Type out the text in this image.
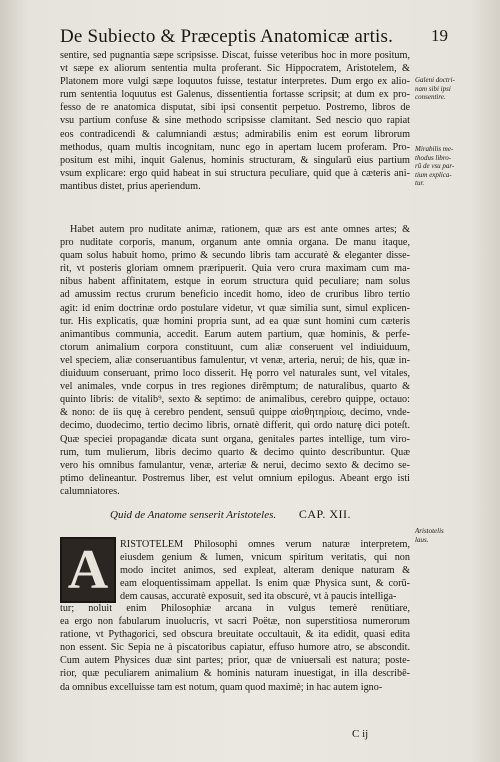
De Subiecto & Præceptis Anatomicæ artis. 19
sentire, sed pugnantia sæpe scripsisse. Discat, fuisse veteribus hoc in more positum,
vt sæpe ex aliorum sententia multa proferant. Sic Hippocratem, Aristotelem, &
Platonem more vulgi sæpe loquutos fuisse, testatur interpretes. Dum ergo ex alio-
rum sententia loquutus est Galenus, dissentientia fortasse scripsit; at dum ex pro-
fesso de re anatomica disputat, sibi ipsi consentit perpetuo. Postremo, libros de
vsu partium confuse & sine methodo scripsisse clamitant. Sed nescio quo rapiat
eos contradicendi & calumniandi æstus; admirabilis enim est eorum librorum
methodus, quam multis incognitam, nunc ego in apertam lucem proferam. Pro-
positum est mihi, inquit Galenus, hominis structuram, & singularū eius partium
vsum explicare: ergo quid habeat in sui structura peculiare, quid que à cæteris ani-
mantibus distet, prius aperiendum.
Habet autem pro nuditate animæ, rationem, quæ ars est ante omnes artes; &
pro nuditate corporis, manum, organum ante omnia organa. De manu itaque,
quam solus habuit homo, primo & secundo libris tam accuratè & eleganter disse-
rit, vt posteris gloriam omnem præripuerit. Quia vero crura maximam cum ma-
nibus habent affinitatem, estque in eorum structura quid peculiare; nam solus
ad amussim rectus crurum beneficio incedit homo, ideo de cruribus libro tertio
agit: id enim doctrinæ ordo postulare videtur, vt quæ similia sunt, simul explicen-
tur. His explicatis, quæ homini propria sunt, ad ea quæ sunt homini cum cæteris
animantibus communia, accedit. Earum autem partium, quæ hominis, & perfe-
ctorum animalium corpora constituunt, cum aliæ conseruent vel indiuiduum,
vel speciem, aliæ conseruantibus famulentur, vt venæ, arteria, nerui; de his, quæ in-
diuiduum conseruant, primo loco disserit. Hę porro vel naturales sunt, vel vitales,
vel animales, vnde corpus in tres regiones dirēmptum; de naturalibus, quarto &
quinto libris: de vitalib⁹, sexto & septimo: de animalibus, cerebro quippe, octauo:
& nono: de iis quę à cerebro pendent, sensuū quippe αἰσθητηρίοις, decimo, vnde-
decimo, duodecimo, tertio decimo libris, ornatè differit, qui ordo naturę dici poteſt.
Quæ speciei propagandæ dicata sunt organa, genitales partes intellige, tum viro-
rum, tum mulierum, libris decimo quarto & decimo quinto describuntur. Quæ
vero his omnibus famulantur, venæ, arteriæ & nerui, decimo sexto & decimo se-
ptimo delineantur. Postremus liber, est velut omnium epilogus. Abeant ergo isti
calumniatores.
Quid de Anatome senserit Aristoteles. CAP. XII.
A	RISTOTELEM Philosophi omnes verum naturæ interpretem,
eiusdem genium & lumen, vnicum spiritum veritatis, qui non
modo incitet animos, sed expleat, alteram denique naturam &
eam eloquentissimam appellat. Is enim quæ Physica sunt, & corū-
dem causas, accuratè exposuit, sed ita obscurè, vt à paucis intelliga-
tur; noluit enim Philosophiæ arcana in vulgus temerè renūtiare,
ea ergo non fabularum inuolucris, vt sacri Poëtæ, non superstitiosa numerorum
ratione, vt Pythagorici, sed obscura breuitate occultauit, & ita edidit, quasi edita
non essent. Sic Sepia ne à piscatoribus capiatur, effuso humore atro, se abscondit.
Cum autem Physices duæ sint partes; prior, quæ de vniuersali est natura; poste-
rior, quæ peculiarem animalium & hominis naturam inuestigat, in illa describē-
da omnibus excelluisse tam est notum, quam quod maximè; in hac autem igno-
C ij
Galeni doctri-
nam sibi ipsi
consentire.
Mirabilis me-
thodus libro-
rū de vsu par-
tium explica-
tur.
Aristotelis
laus.
